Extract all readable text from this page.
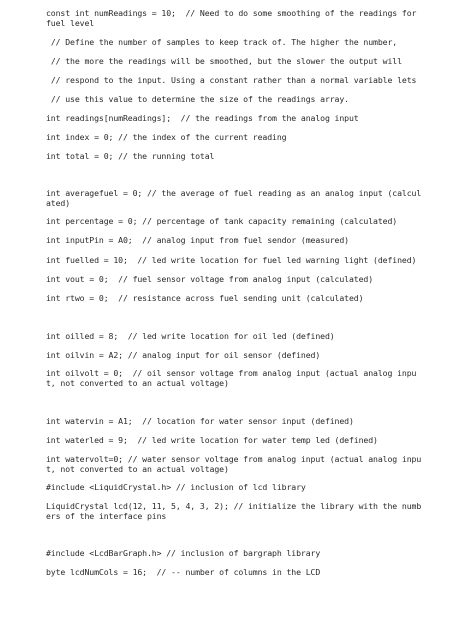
const int numReadings = 10;  // Need to do some smoothing of the readings for fuel level
// Define the number of samples to keep track of. The higher the number,
// the more the readings will be smoothed, but the slower the output will
// respond to the input. Using a constant rather than a normal variable lets
// use this value to determine the size of the readings array.
int readings[numReadings];  // the readings from the analog input
int index = 0; // the index of the current reading
int total = 0; // the running total
int averagefuel = 0; // the average of fuel reading as an analog input (calculated)
int percentage = 0; // percentage of tank capacity remaining (calculated)
int inputPin = A0;  // analog input from fuel sendor (measured)
int fuelled = 10;  // led write location for fuel led warning light (defined)
int vout = 0;  // fuel sensor voltage from analog input (calculated)
int rtwo = 0;  // resistance across fuel sending unit (calculated)
int oilled = 8;  // led write location for oil led (defined)
int oilvin = A2; // analog input for oil sensor (defined)
int oilvolt = 0;  // oil sensor voltage from analog input (actual analog input, not converted to an actual voltage)
int watervin = A1;  // location for water sensor input (defined)
int waterled = 9;  // led write location for water temp led (defined)
int watervolt=0; // water sensor voltage from analog input (actual analog input, not converted to an actual voltage)
#include <LiquidCrystal.h> // inclusion of lcd library
LiquidCrystal lcd(12, 11, 5, 4, 3, 2); // initialize the library with the numbers of the interface pins
#include <LcdBarGraph.h> // inclusion of bargraph library
byte lcdNumCols = 16;  // -- number of columns in the LCD
